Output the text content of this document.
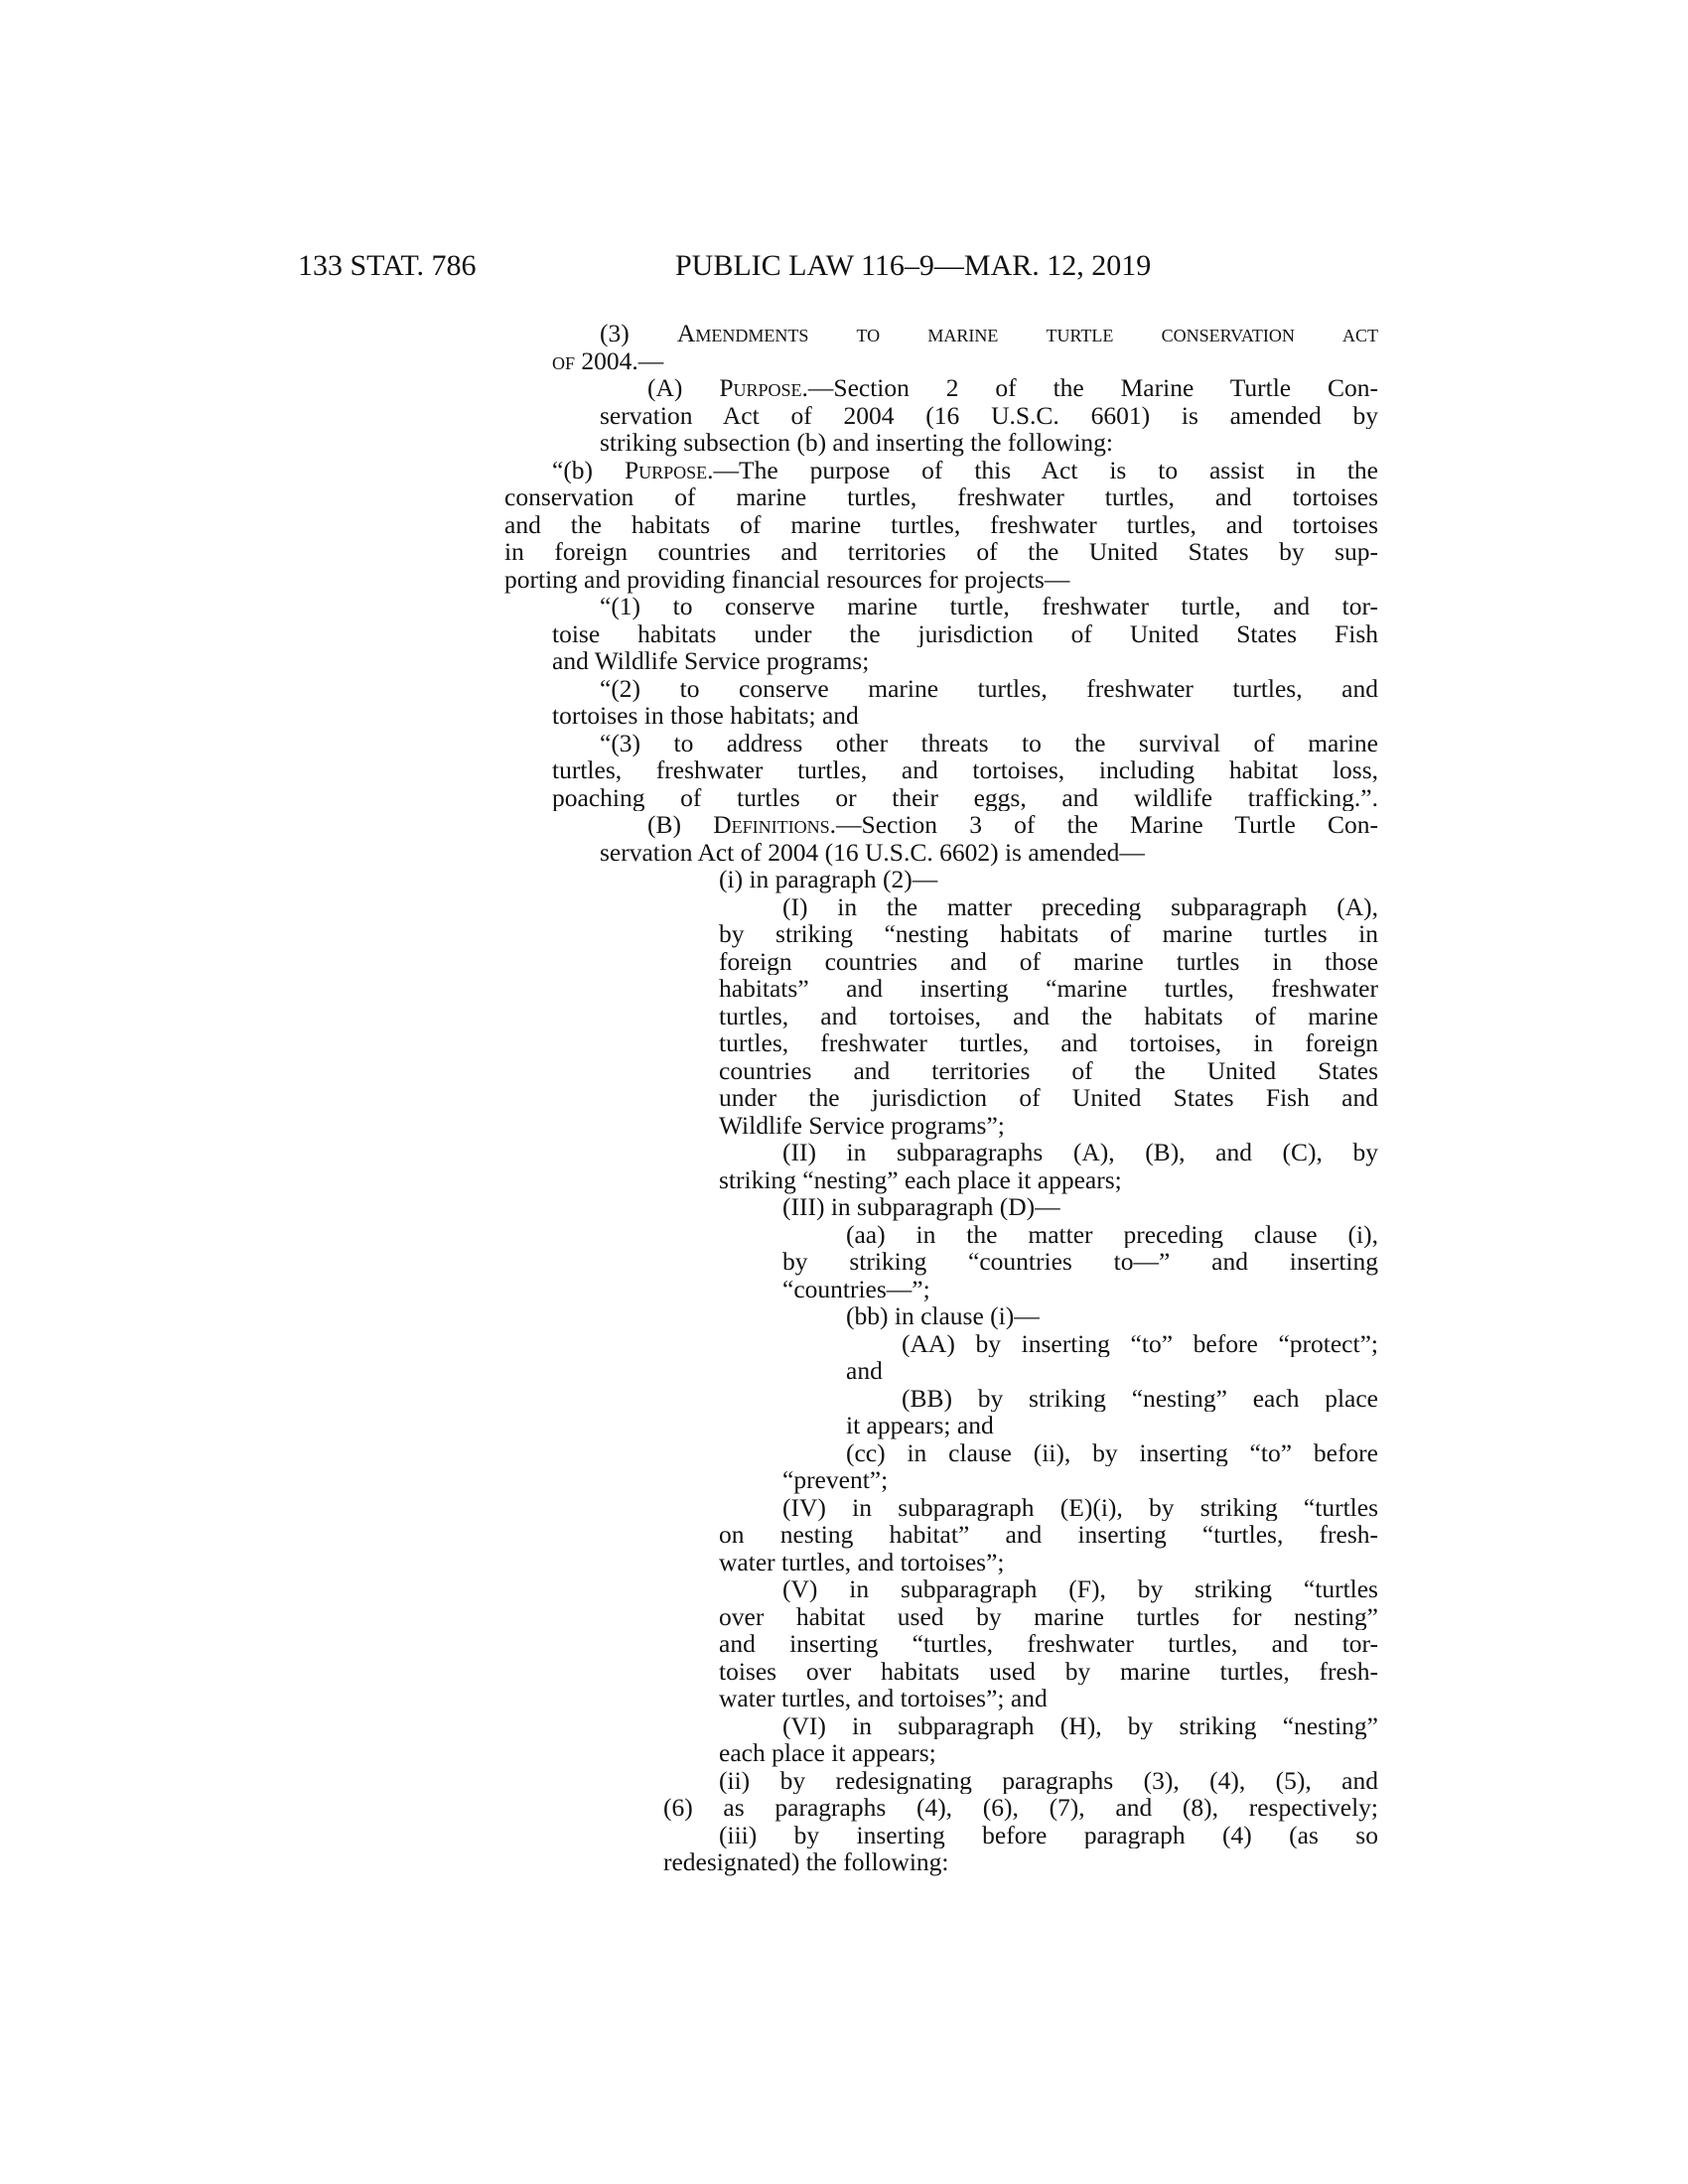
133 STAT. 786	PUBLIC LAW 116–9—MAR. 12, 2019
(3) Amendments to marine turtle conservation act
of 2004.—
(A) Purpose.—Section 2 of the Marine Turtle Con-
servation Act of 2004 (16 U.S.C. 6601) is amended by
striking subsection (b) and inserting the following:
“(b) Purpose.—The purpose of this Act is to assist in the
conservation of marine turtles, freshwater turtles, and tortoises
and the habitats of marine turtles, freshwater turtles, and tortoises
in foreign countries and territories of the United States by sup-
porting and providing financial resources for projects—
“(1) to conserve marine turtle, freshwater turtle, and tor-
toise habitats under the jurisdiction of United States Fish
and Wildlife Service programs;
“(2) to conserve marine turtles, freshwater turtles, and
tortoises in those habitats; and
“(3) to address other threats to the survival of marine
turtles, freshwater turtles, and tortoises, including habitat loss,
poaching of turtles or their eggs, and wildlife trafficking.”.
(B) Definitions.—Section 3 of the Marine Turtle Con-
servation Act of 2004 (16 U.S.C. 6602) is amended—
(i) in paragraph (2)—
(I) in the matter preceding subparagraph (A),
by striking “nesting habitats of marine turtles in
foreign countries and of marine turtles in those
habitats” and inserting “marine turtles, freshwater
turtles, and tortoises, and the habitats of marine
turtles, freshwater turtles, and tortoises, in foreign
countries and territories of the United States
under the jurisdiction of United States Fish and
Wildlife Service programs”;
(II) in subparagraphs (A), (B), and (C), by
striking “nesting” each place it appears;
(III) in subparagraph (D)—
(aa) in the matter preceding clause (i),
by striking “countries to—” and inserting
“countries—”;
(bb) in clause (i)—
(AA) by inserting “to” before “protect”;
and
(BB) by striking “nesting” each place
it appears; and
(cc) in clause (ii), by inserting “to” before
“prevent”;
(IV) in subparagraph (E)(i), by striking “turtles
on nesting habitat” and inserting “turtles, fresh-
water turtles, and tortoises”;
(V) in subparagraph (F), by striking “turtles
over habitat used by marine turtles for nesting”
and inserting “turtles, freshwater turtles, and tor-
toises over habitats used by marine turtles, fresh-
water turtles, and tortoises”; and
(VI) in subparagraph (H), by striking “nesting”
each place it appears;
(ii) by redesignating paragraphs (3), (4), (5), and
(6) as paragraphs (4), (6), (7), and (8), respectively;
(iii) by inserting before paragraph (4) (as so
redesignated) the following:
